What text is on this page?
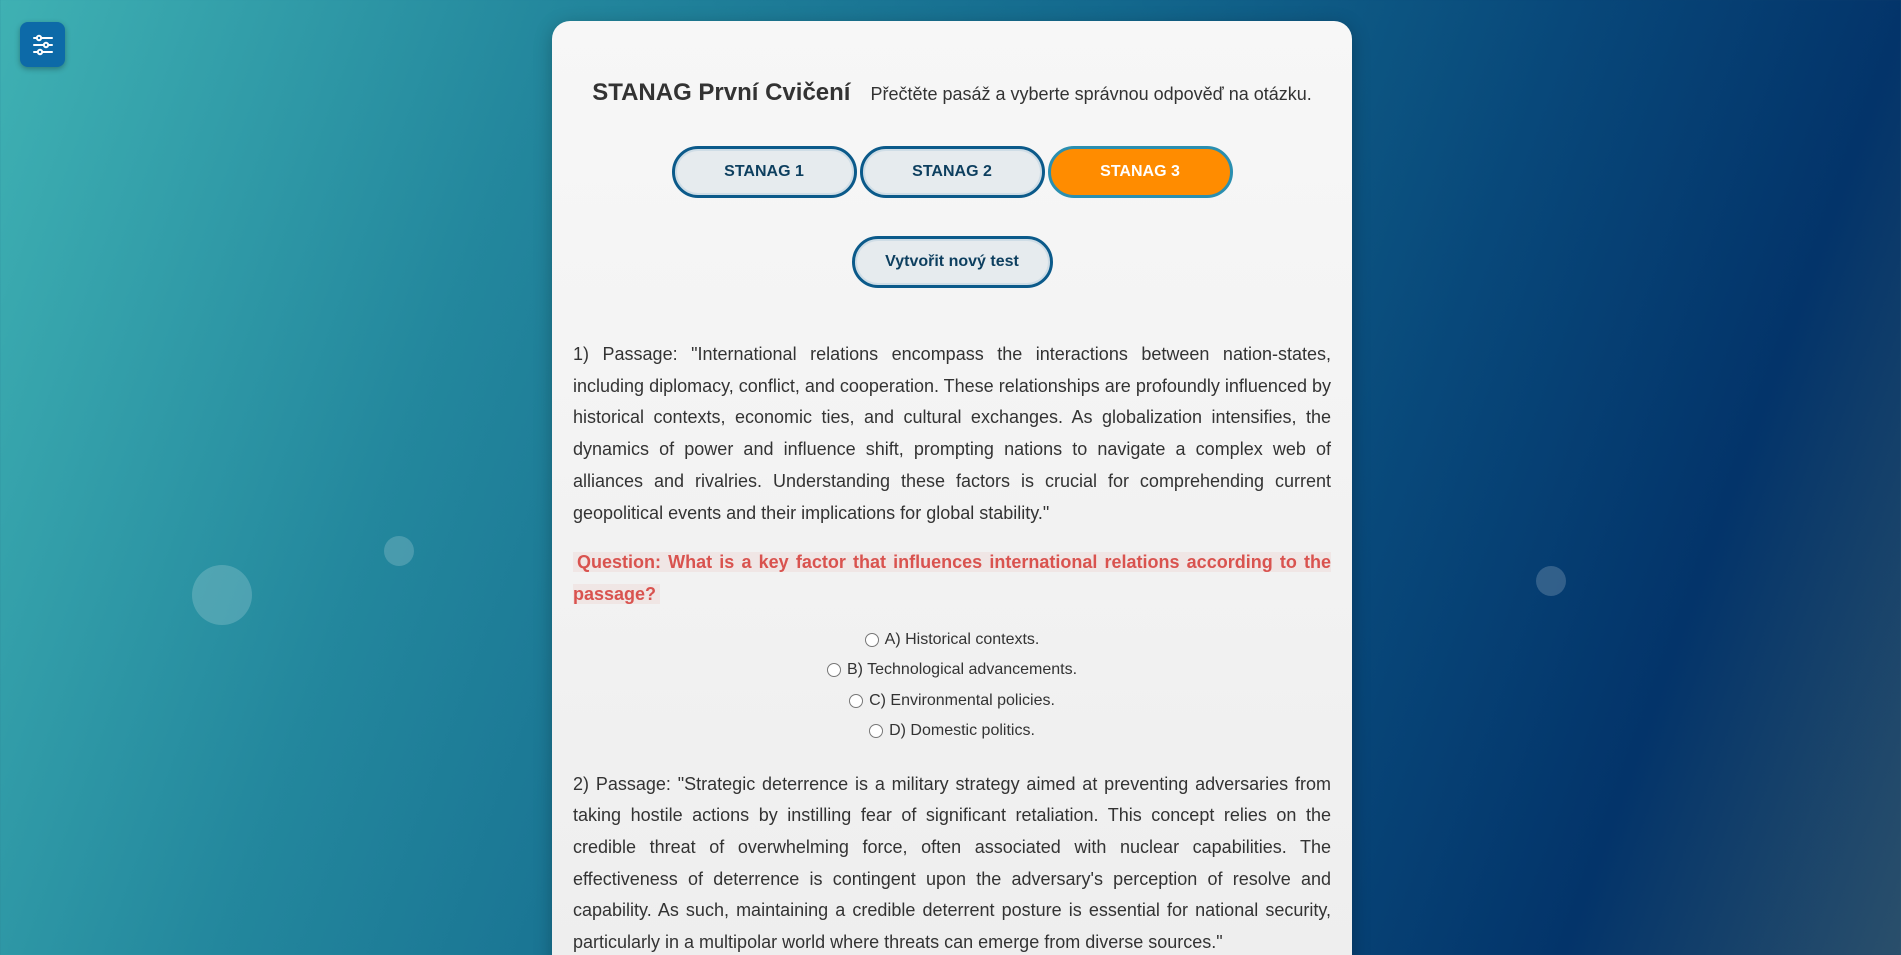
STANAG První Cvičení Přečtěte pasáž a vyberte správnou odpověď na otázku.

STANAG 1	STANAG 2	STANAG 3
Vytvořit nový test

1) Passage: "International relations encompass the interactions between nation-states, including diplomacy, conflict, and cooperation. These relationships are profoundly influenced by historical contexts, economic ties, and cultural exchanges. As globalization intensifies, the dynamics of power and influence shift, prompting nations to navigate a complex web of alliances and rivalries. Understanding these factors is crucial for comprehending current geopolitical events and their implications for global stability."

Question: What is a key factor that influences international relations according to the passage?

A) Historical contexts.
B) Technological advancements.
C) Environmental policies.
D) Domestic politics.

2) Passage: "Strategic deterrence is a military strategy aimed at preventing adversaries from taking hostile actions by instilling fear of significant retaliation. This concept relies on the credible threat of overwhelming force, often associated with nuclear capabilities. The effectiveness of deterrence is contingent upon the adversary's perception of resolve and capability. As such, maintaining a credible deterrent posture is essential for national security, particularly in a multipolar world where threats can emerge from diverse sources."
